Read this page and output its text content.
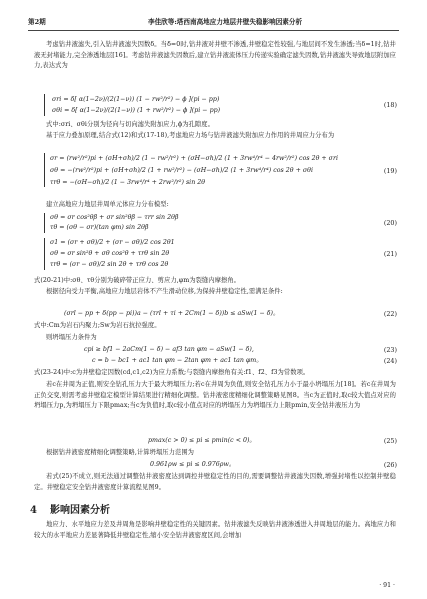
第2期	李佳欣等:塔西南高地应力地层井壁失稳影响因素分析
考虑钻井液滤失,引入钻井液滤失因数δ。当δ=0时,钻井液对井壁不渗透,井壁稳定性较强,与地层间不发生渗透;当δ=1时,钻井液无封堵能力,完全渗透地层[16]。考虑钻井液滤失因数后,建立钻井液流体压力传递实验确定滤失因数,钻井液滤失导致地层附加应力,表达式为
σri = δ[ α(1−2ν)/(2(1−ν)) (1 − rw²/r²) − ϕ ](pi − pp)
σθi = δ[ α(1−2ν)/(2(1−ν)) (1 + rw²/r²) − ϕ ](pi − pp)
(18)
式中:σri、σθi分别为径向与切向滤失附加应力,ϕ为孔隙度。
基于应力叠加原理,结合式(12)和式(17-18),考虑地应力场与钻井液滤失附加应力作用的井周应力分布为
σr = (rw²/r²)pi + (σH+σh)/2 (1 − rw²/r²) + (σH−σh)/2 (1 + 3rw⁴/r⁴ − 4rw²/r²) cos 2θ + σri
σθ = −(rw²/r²)pi + (σH+σh)/2 (1 + rw²/r²) − (σH−σh)/2 (1 + 3rw⁴/r⁴) cos 2θ + σθi
τrθ = −(σH−σh)/2 (1 − 3rw⁴/r⁴ + 2rw²/r²) sin 2θ
(19)
建立高地应力地层井周单元体应力分布模型:
σθ = σr cos²θβ + σr sin²θβ − τrr sin 2θβ
τθ = (σθ − σr)(tan φm) sin 2θβ
(20)
σ1 = (σr + σθ)/2 + (σr − σθ)/2 cos 2θ1
σθ = σr sin²θ + σθ cos²θ + τrθ sin 2θ
τrθ = (σr − σθ)/2 sin 2θ + τrθ cos 2θ
(21)
式(20-21)中:σθ、τθ分别为破碎带正应力、剪应力,φm为裂缝内摩擦角。
根据径向受力平衡,高地应力地层岩体不产生滑动位移,为保持井壁稳定性,需满足条件:
(σrl − pp + δ(pp − pi))a − (τrl + τi + 2Cm(1 − δ))b ≤ aSw(1 − δ)。	(22)
式中:Cm为岩石内聚力;Sw为岩石抗拉强度。
则坍塌压力条件为
cpi ≥ bf1 − 2aCm(1 − δ) − af3 tan φm − aSw(1 − δ),	(23)
c = b − bc1 + ac1 tan φm − 2tan φm + ac1 tan φm。	(24)
式(23-24)中:c为井壁稳定因数(cd,c1,c2)为应力系数;与裂缝内摩擦角有关:f1、f2、f3为常数项。
若c在井周为正值,则安全钻孔压力大于最大坍塌压力;若c在井周为负值,则安全钻孔压力小于最小坍塌压力[18]。若c在井周为正负交变,则需考虑井壁稳定模型计算结果进行精细化调整。钻井液密度精细化调整策略见图8。当c为正值时,取c较大值点对应的坍塌压力p,为坍塌压力下限pmax;当c为负值时,取c较小值点对应的坍塌压力为坍塌压力上限pmin,安全钻井液压力为
pmax(c > 0) ≤ pi ≤ pmin(c < 0)。	(25)
根据钻井液密度精细化调整策略,计算坍塌压力范围为
0.961ρw ≤ pi ≤ 0.976ρw。	(26)
若式(25)不成立,则无法通过调整钻井液密度达到调控井壁稳定性的目的,需要调整钻井液滤失因数,增强封堵性以控制井壁稳定。井壁稳定安全钻井液密度计算流程见图9。
4 影响因素分析
地应力、水平地应力差及井周角是影响井壁稳定性的关键因素。钻井液滤失反映钻井液渗透进入井周地层的能力。高地应力和较大的水平地应力差显著降低井壁稳定性,缩小安全钻井液密度区间,会增加
· 91 ·
